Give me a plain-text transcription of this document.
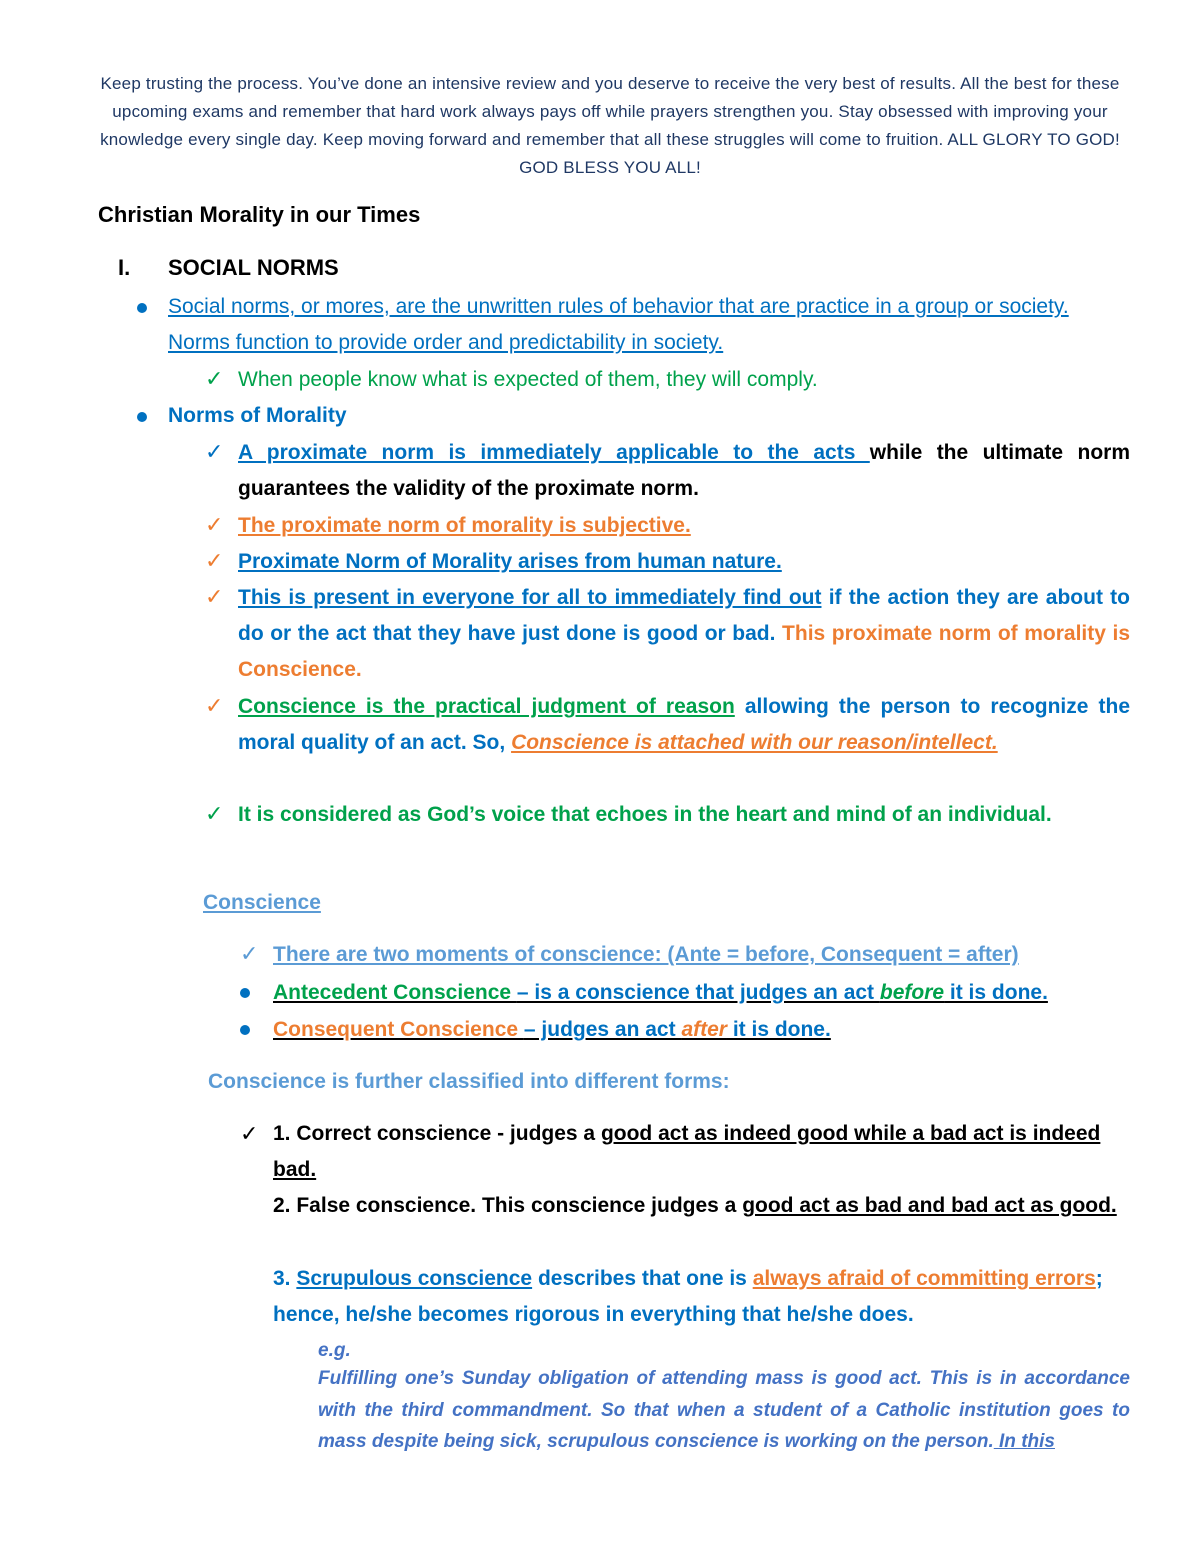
Keep trusting the process. You’ve done an intensive review and you deserve to receive the very best of results. All the best for these upcoming exams and remember that hard work always pays off while prayers strengthen you. Stay obsessed with improving your knowledge every single day. Keep moving forward and remember that all these struggles will come to fruition. ALL GLORY TO GOD! GOD BLESS YOU ALL!
Christian Morality in our Times
I. SOCIAL NORMS
Social norms, or mores, are the unwritten rules of behavior that are practice in a group or society. Norms function to provide order and predictability in society.
✓ When people know what is expected of them, they will comply.
Norms of Morality
✓ A proximate norm is immediately applicable to the acts while the ultimate norm guarantees the validity of the proximate norm.
✓ The proximate norm of morality is subjective.
✓ Proximate Norm of Morality arises from human nature.
✓ This is present in everyone for all to immediately find out if the action they are about to do or the act that they have just done is good or bad. This proximate norm of morality is Conscience.
✓ Conscience is the practical judgment of reason allowing the person to recognize the moral quality of an act. So, Conscience is attached with our reason/intellect.
✓ It is considered as God’s voice that echoes in the heart and mind of an individual.
Conscience
✓ There are two moments of conscience: (Ante = before, Consequent = after)
Antecedent Conscience – is a conscience that judges an act before it is done.
Consequent Conscience – judges an act after it is done.
Conscience is further classified into different forms:
✓ 1. Correct conscience - judges a good act as indeed good while a bad act is indeed bad.
2. False conscience. This conscience judges a good act as bad and bad act as good.
3. Scrupulous conscience describes that one is always afraid of committing errors; hence, he/she becomes rigorous in everything that he/she does.
e.g.
Fulfilling one’s Sunday obligation of attending mass is good act. This is in accordance with the third commandment. So that when a student of a Catholic institution goes to mass despite being sick, scrupulous conscience is working on the person. In this
